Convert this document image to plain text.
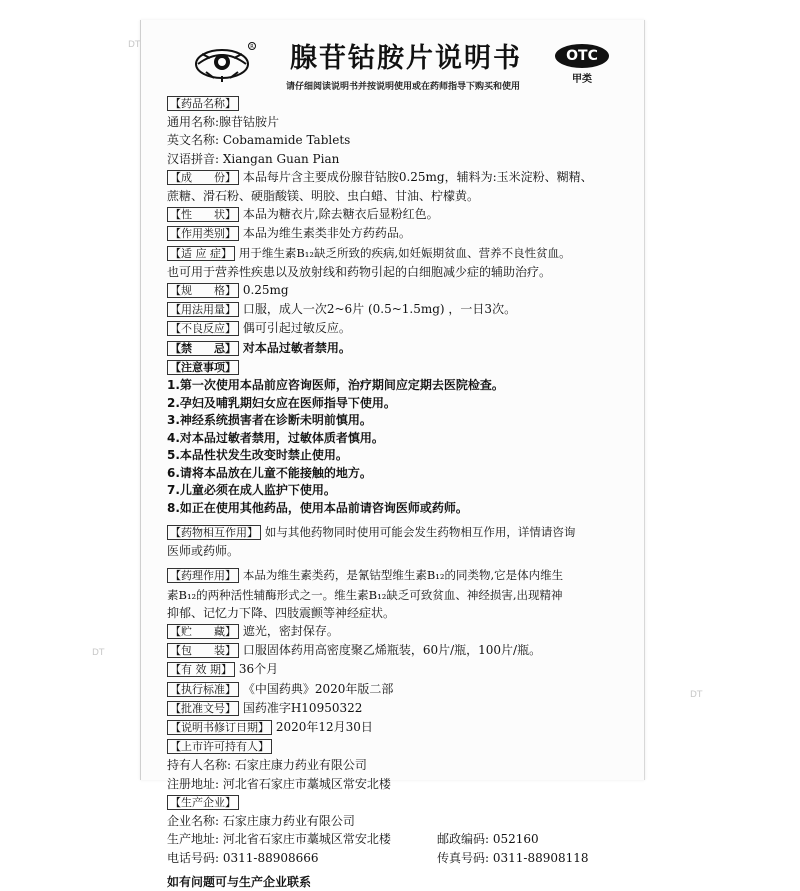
DT
DT
DT
R 腺苷钴胺片说明书
请仔细阅读说明书并按说明使用或在药师指导下购买和使用
OTC
甲类
【药品名称】
通用名称:腺苷钴胺片
英文名称: Cobamamide Tablets
汉语拼音: Xiangan Guan Pian
【成　　份】 本品每片含主要成份腺苷钴胺0.25mg，辅料为:玉米淀粉、糊精、
蔗糖、滑石粉、硬脂酸镁、明胶、虫白蜡、甘油、柠檬黄。
【性　　状】 本品为糖衣片,除去糖衣后显粉红色。
【作用类别】 本品为维生素类非处方药药品。
【适 应 症】 用于维生素B₁₂缺乏所致的疾病,如妊娠期贫血、营养不良性贫血。
也可用于营养性疾患以及放射线和药物引起的白细胞减少症的辅助治疗。
【规　　格】 0.25mg
【用法用量】 口服，成人一次2~6片 (0.5~1.5mg) ，一日3次。
【不良反应】 偶可引起过敏反应。
【禁　　忌】 对本品过敏者禁用。
【注意事项】
1.第一次使用本品前应咨询医师，治疗期间应定期去医院检查。
2.孕妇及哺乳期妇女应在医师指导下使用。
3.神经系统损害者在诊断未明前慎用。
4.对本品过敏者禁用，过敏体质者慎用。
5.本品性状发生改变时禁止使用。
6.请将本品放在儿童不能接触的地方。
7.儿童必须在成人监护下使用。
8.如正在使用其他药品，使用本品前请咨询医师或药师。
【药物相互作用】 如与其他药物同时使用可能会发生药物相互作用，详情请咨询
医师或药师。
【药理作用】 本品为维生素类药，是氰钴型维生素B₁₂的同类物,它是体内维生
素B₁₂的两种活性辅酶形式之一。维生素B₁₂缺乏可致贫血、神经损害,出现精神
抑郁、记忆力下降、四肢震颤等神经症状。
【贮　　藏】 遮光，密封保存。
【包　　装】 口服固体药用高密度聚乙烯瓶装，60片/瓶，100片/瓶。
【有 效 期】 36个月
【执行标准】 《中国药典》2020年版二部
【批准文号】 国药准字H10950322
【说明书修订日期】 2020年12月30日
【上市许可持有人】
持有人名称: 石家庄康力药业有限公司
注册地址: 河北省石家庄市藁城区常安北楼
【生产企业】
企业名称: 石家庄康力药业有限公司
生产地址: 河北省石家庄市藁城区常安北楼	邮政编码: 052160
电话号码: 0311-88908666	传真号码: 0311-88908118
如有问题可与生产企业联系
